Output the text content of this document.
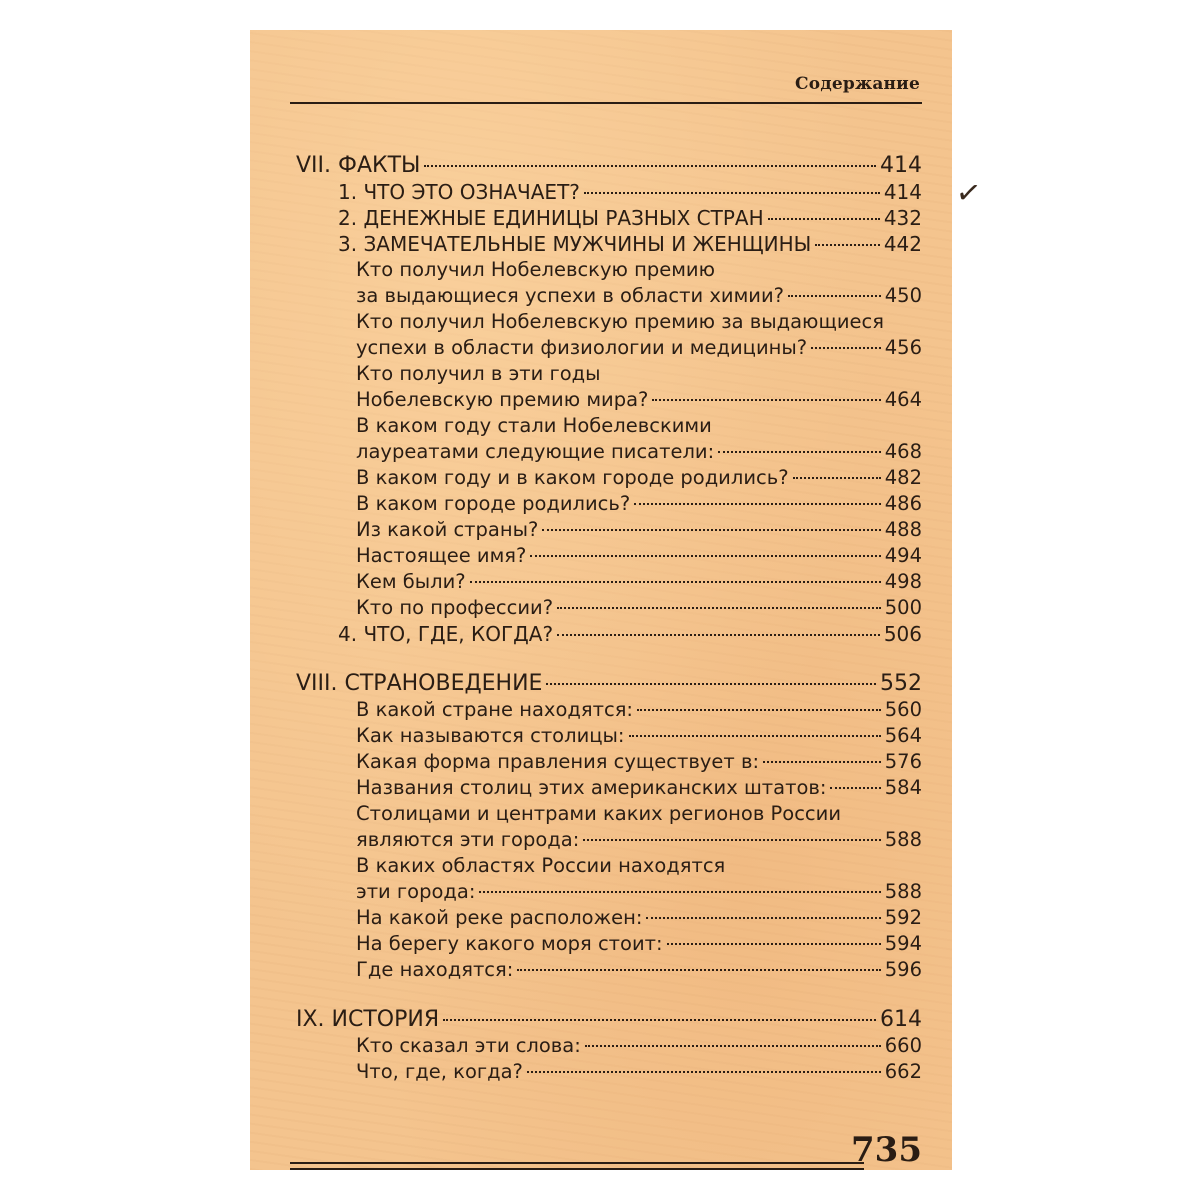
Содержание
VII. ФАКТЫ	414
1. ЧТО ЭТО ОЗНАЧАЕТ?	414
2. ДЕНЕЖНЫЕ ЕДИНИЦЫ РАЗНЫХ СТРАН	432
3. ЗАМЕЧАТЕЛЬНЫЕ МУЖЧИНЫ И ЖЕНЩИНЫ	442
Кто получил Нобелевскую премию
за выдающиеся успехи в области химии?	450
Кто получил Нобелевскую премию за выдающиеся
успехи в области физиологии и медицины?	456
Кто получил в эти годы
Нобелевскую премию мира?	464
В каком году стали Нобелевскими
лауреатами следующие писатели:	468
В каком году и в каком городе родились?	482
В каком городе родились?	486
Из какой страны?	488
Настоящее имя?	494
Кем были?	498
Кто по профессии?	500
4. ЧТО, ГДЕ, КОГДА?	506
VIII. СТРАНОВЕДЕНИЕ	552
В какой стране находятся:	560
Как называются столицы:	564
Какая форма правления существует в:	576
Названия столиц этих американских штатов:	584
Столицами и центрами каких регионов России
являются эти города:	588
В каких областях России находятся
эти города:	588
На какой реке расположен:	592
На берегу какого моря стоит:	594
Где находятся:	596
IX. ИСТОРИЯ	614
Кто сказал эти слова:	660
Что, где, когда?	662
✓
735
